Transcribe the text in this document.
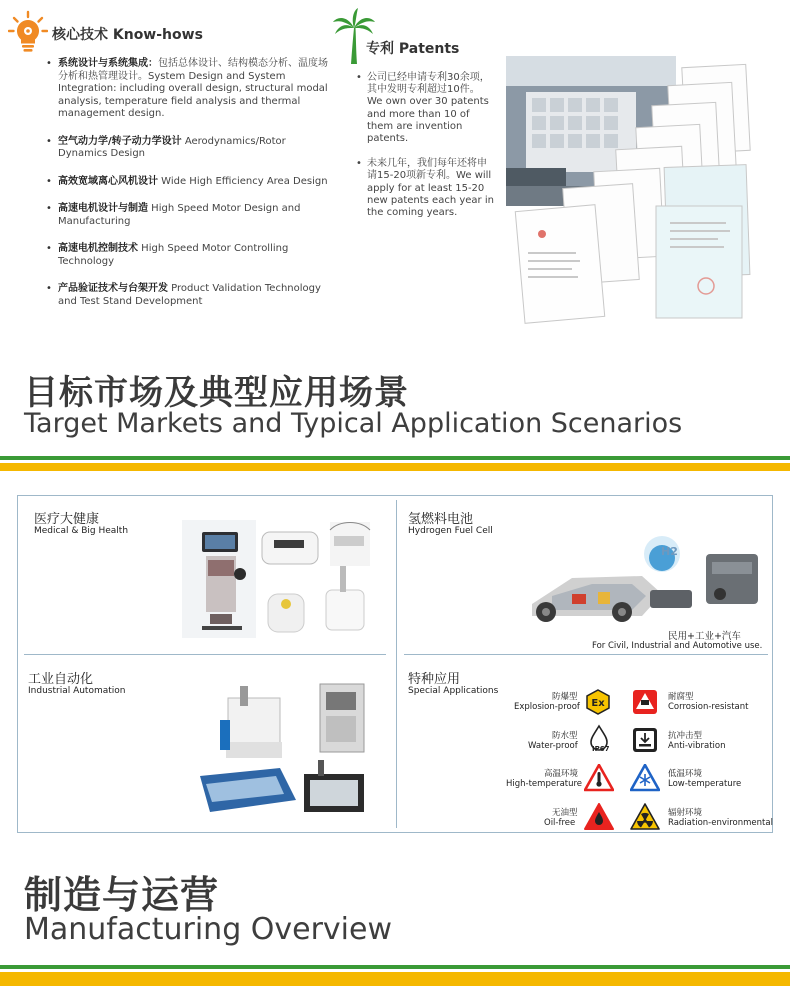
核心技术 Know-hows
• 系统设计与系统集成：包括总体设计、结构模态分析、温度场分析和热管理设计。System Design and System Integration: including overall design, structural modal analysis, temperature field analysis and thermal management design.
• 空气动力学/转子动力学设计 Aerodynamics/Rotor Dynamics Design
• 高效宽域离心风机设计 Wide High Efficiency Area Design
• 高速电机设计与制造 High Speed Motor Design and Manufacturing
• 高速电机控制技术 High Speed Motor Controlling Technology
• 产品验证技术与台架开发 Product Validation Technology and Test Stand Development
专利 Patents
• 公司已经申请专利30余项，其中发明专利超过10件。We own over 30 patents and more than 10 of them are invention patents.
• 未来几年，我们每年还将申请15-20项新专利。We will apply for at least 15-20 new patents each year in the coming years.
目标市场及典型应用场景
Target Markets and Typical Application Scenarios
医疗大健康
Medical & Big Health
氢燃料电池
Hydrogen Fuel Cell
H2
民用+工业+汽车
For Civil, Industrial and Automotive use.
工业自动化
Industrial Automation
特种应用
Special Applications
防爆型
Explosion-proof Ex
耐腐型
Corrosion-resistant
防水型
Water-proof IP67
抗冲击型
Anti-vibration
高温环境
High-temperature
低温环境
Low-temperature
无油型
Oil-free
辐射环境
Radiation-environmental
制造与运营
Manufacturing Overview
